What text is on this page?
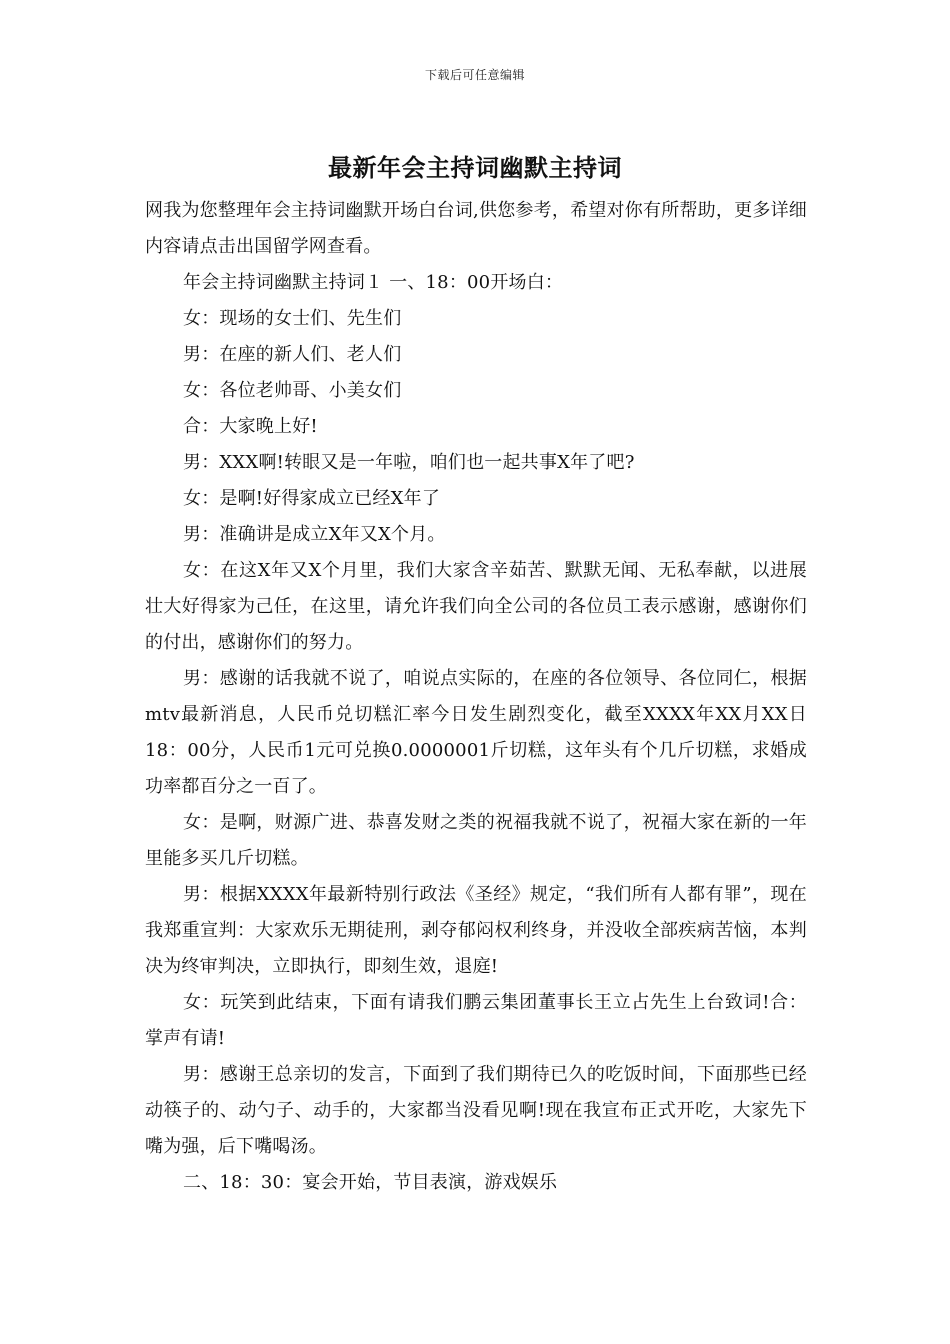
下载后可任意编辑
最新年会主持词幽默主持词

网我为您整理年会主持词幽默开场白台词,供您参考，希望对你有所帮助，更多详细内容请点击出国留学网查看。

年会主持词幽默主持词１ 一、18：00开场白：

女：现场的女士们、先生们

男：在座的新人们、老人们

女：各位老帅哥、小美女们

合：大家晚上好!

男：XXX啊!转眼又是一年啦，咱们也一起共事X年了吧?

女：是啊!好得家成立已经X年了

男：准确讲是成立X年又X个月。

女：在这X年又X个月里，我们大家含辛茹苦、默默无闻、无私奉献，以进展壮大好得家为己任，在这里，请允许我们向全公司的各位员工表示感谢，感谢你们的付出，感谢你们的努力。

男：感谢的话我就不说了，咱说点实际的，在座的各位领导、各位同仁，根据mtv最新消息，人民币兑切糕汇率今日发生剧烈变化，截至XXXX年XX月XX日18：00分，人民币1元可兑换0.0000001斤切糕，这年头有个几斤切糕，求婚成功率都百分之一百了。

女：是啊，财源广进、恭喜发财之类的祝福我就不说了，祝福大家在新的一年里能多买几斤切糕。

男：根据XXXX年最新特别行政法《圣经》规定，“我们所有人都有罪”，现在我郑重宣判：大家欢乐无期徒刑，剥夺郁闷权利终身，并没收全部疾病苦恼，本判决为终审判决，立即执行，即刻生效，退庭!

女：玩笑到此结束，下面有请我们鹏云集团董事长王立占先生上台致词!合：掌声有请!

男：感谢王总亲切的发言，下面到了我们期待已久的吃饭时间，下面那些已经动筷子的、动勺子、动手的，大家都当没看见啊!现在我宣布正式开吃，大家先下嘴为强，后下嘴喝汤。

二、18：30：宴会开始，节目表演，游戏娱乐
